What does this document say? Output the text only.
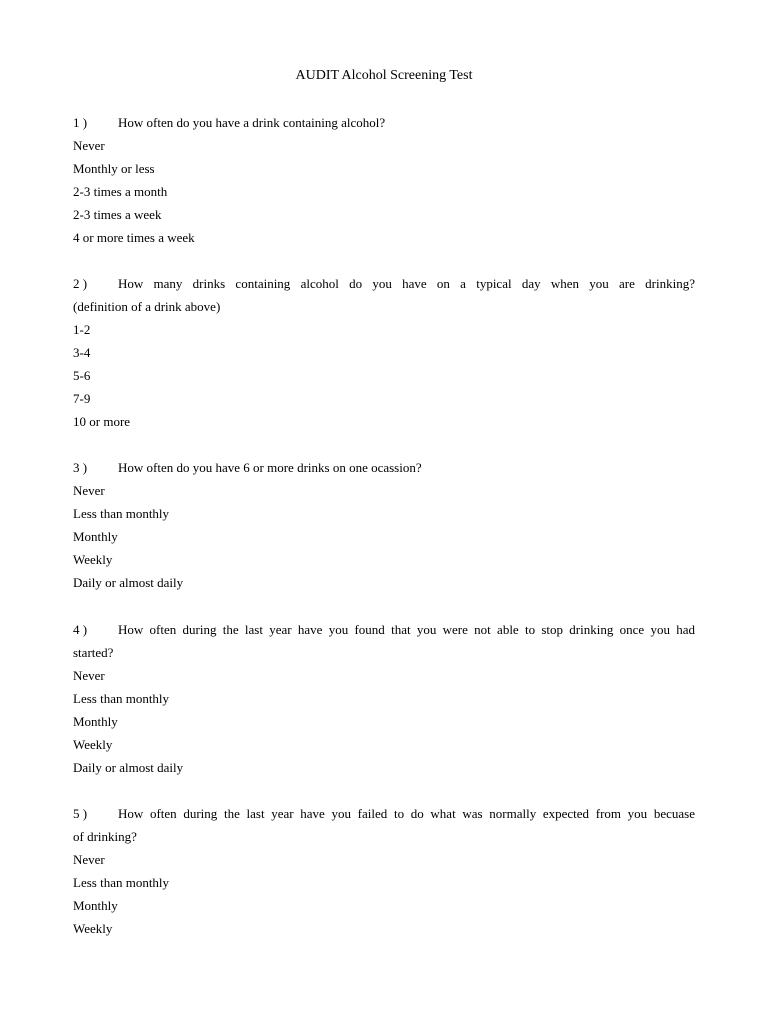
AUDIT Alcohol Screening Test
1 ) How often do you have a drink containing alcohol?
Never
Monthly or less
2-3 times a month
2-3 times a week
4 or more times a week
2 ) How many drinks containing alcohol do you have on a typical day when you are drinking?
(definition of a drink above)
1-2
3-4
5-6
7-9
10 or more
3 ) How often do you have 6 or more drinks on one ocassion?
Never
Less than monthly
Monthly
Weekly
Daily or almost daily
4 ) How often during the last year have you found that you were not able to stop drinking once you had
started?
Never
Less than monthly
Monthly
Weekly
Daily or almost daily
5 ) How often during the last year have you failed to do what was normally expected from you becuase
of drinking?
Never
Less than monthly
Monthly
Weekly
